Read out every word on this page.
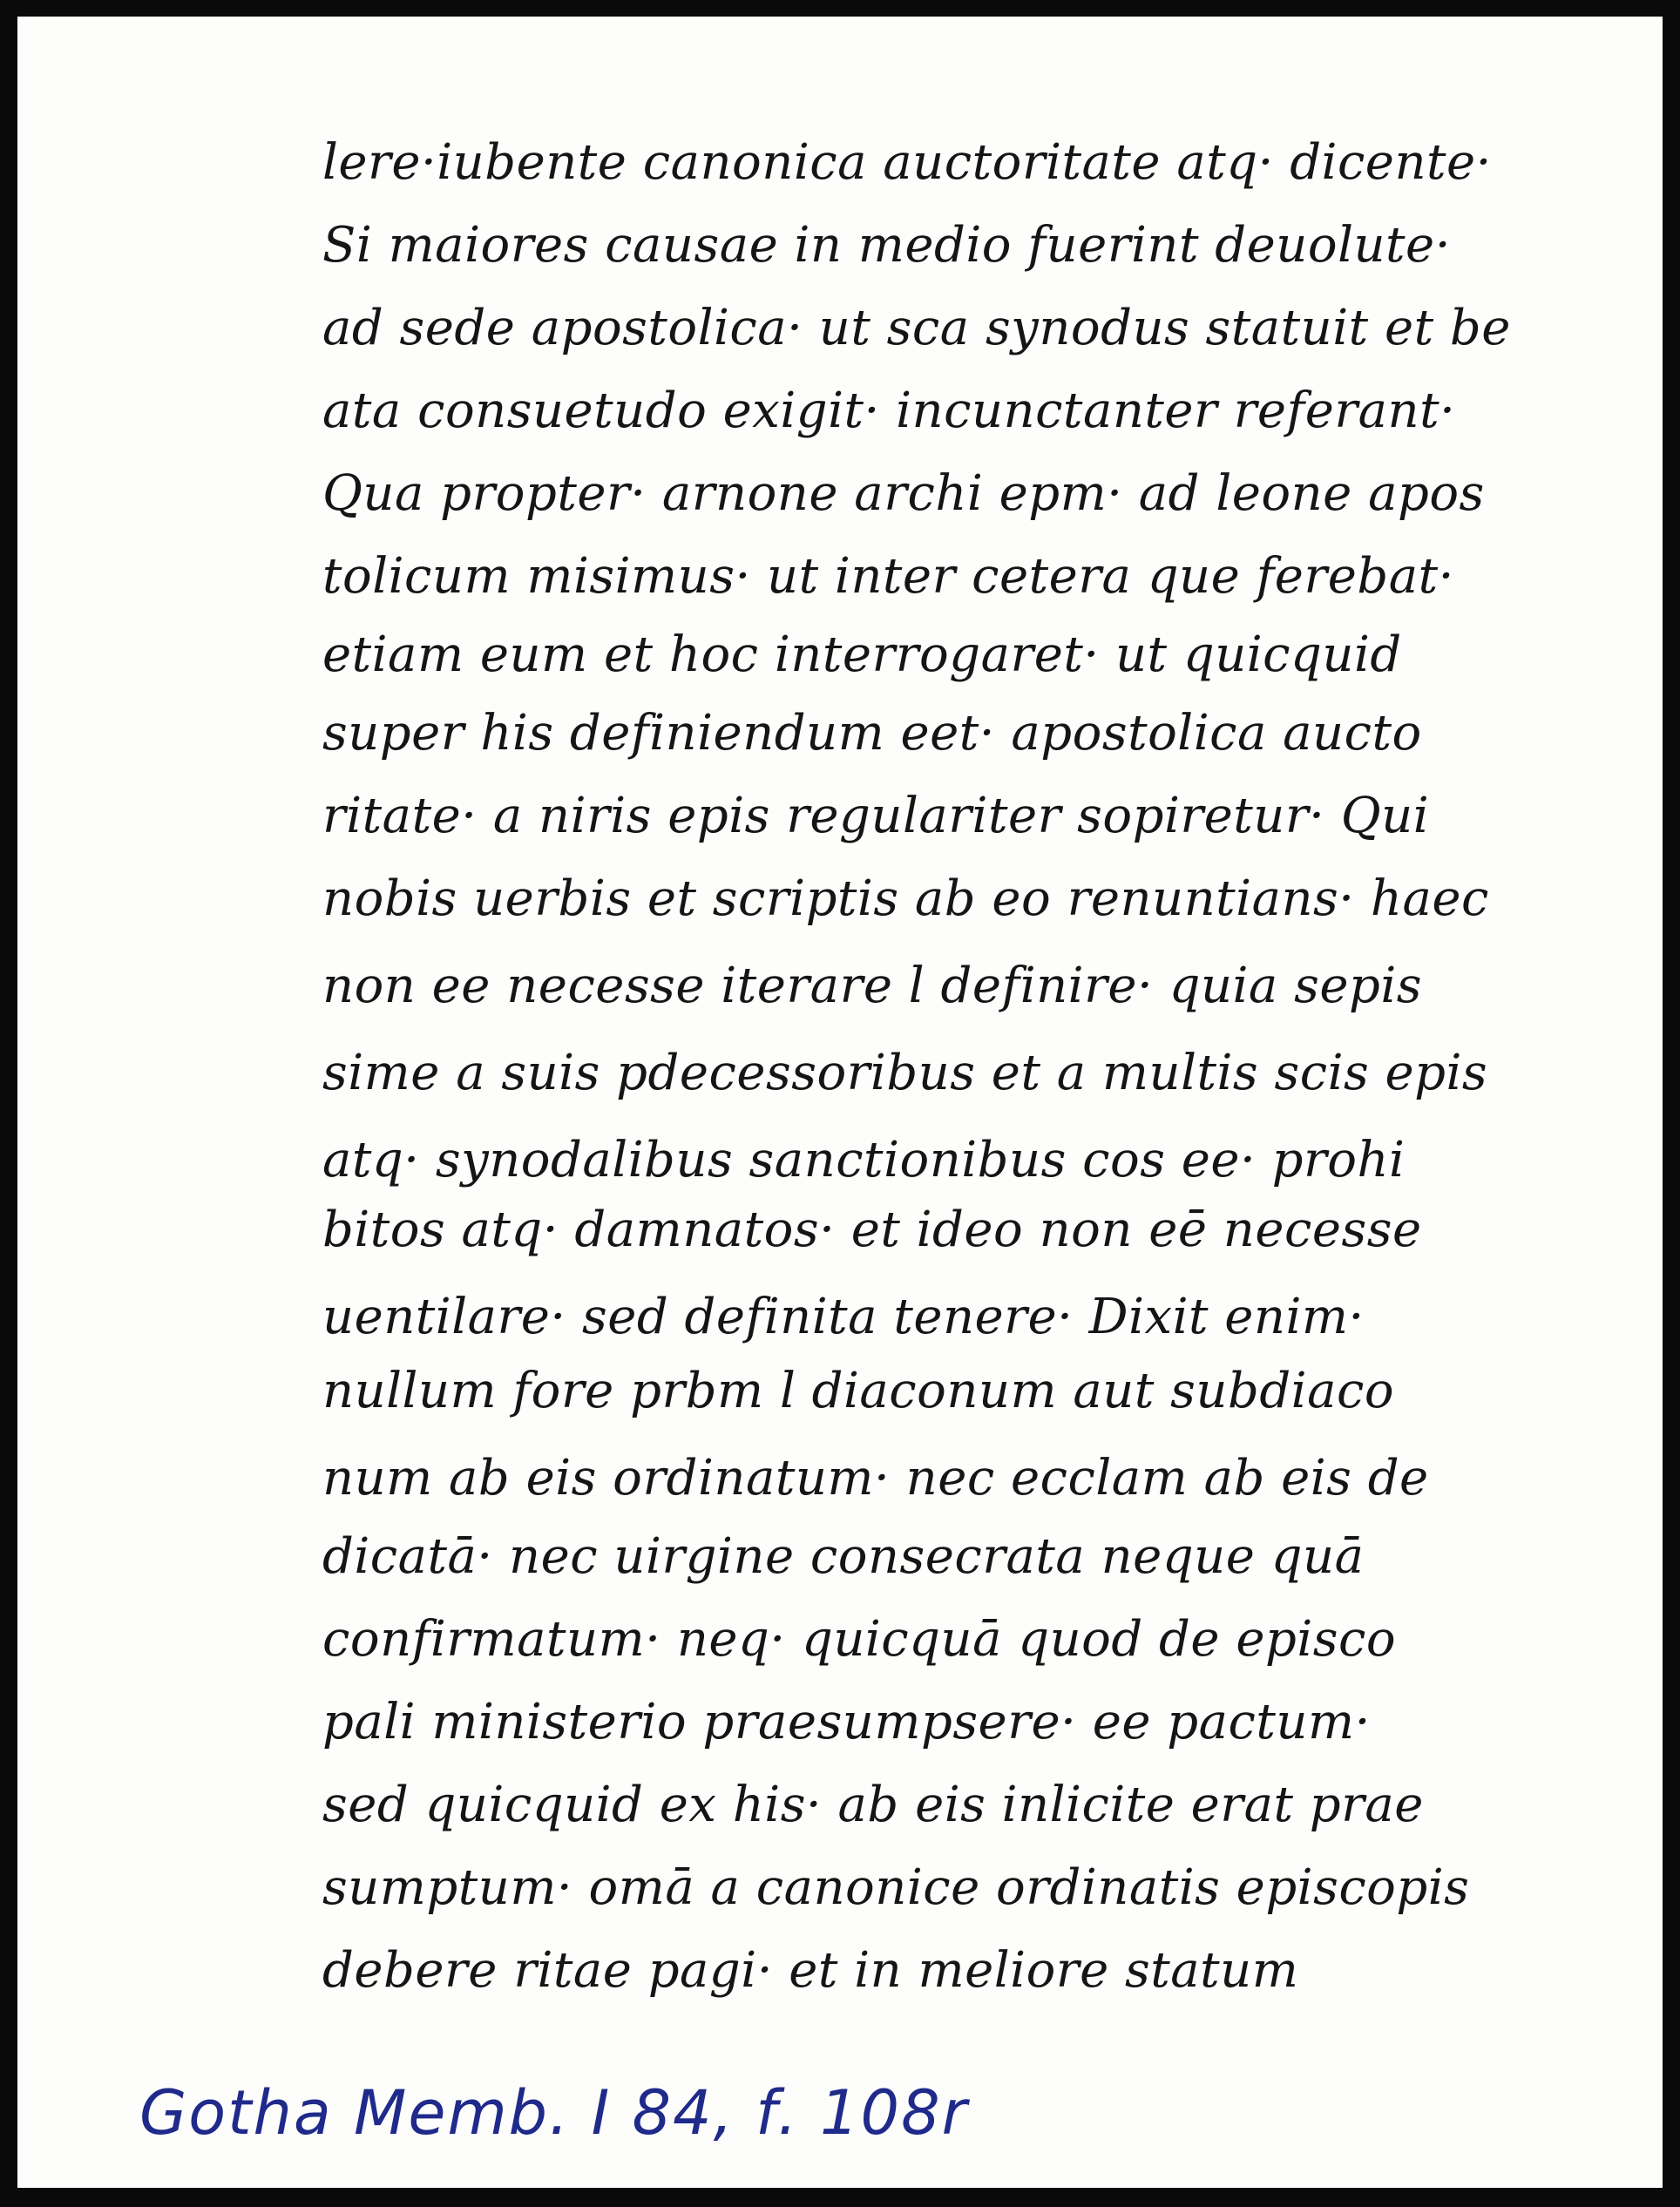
lere·iubente canonica auctoritate atq· dicente·
Si maiores causae in medio fuerint deuolute·
ad sede apostolica· ut sca synodus statuit et be
ata consuetudo exigit· incunctanter referant·
Qua propter· arnone archi epm· ad leone apos
tolicum misimus· ut inter cetera que ferebat·
etiam eum et hoc interrogaret· ut quicquid
super his definiendum eet· apostolica aucto
ritate· a niris epis regulariter sopiretur· Qui
nobis uerbis et scriptis ab eo renuntians· haec
non ee necesse iterare l definire· quia sepis
sime a suis pdecessoribus et a multis scis epis
atq· synodalibus sanctionibus cos ee· prohi
bitos atq· damnatos· et ideo non eē necesse
uentilare· sed definita tenere· Dixit enim·
nullum fore prbm l diaconum aut subdiaco
num ab eis ordinatum· nec ecclam ab eis de
dicatā· nec uirgine consecrata neque quā
confirmatum· neq· quicquā quod de episco
pali ministerio praesumpsere· ee pactum·
sed quicquid ex his· ab eis inlicite erat prae
sumptum· omā a canonice ordinatis episcopis
debere ritae pagi· et in meliore statum
Gotha Memb. I 84, f. 108r
